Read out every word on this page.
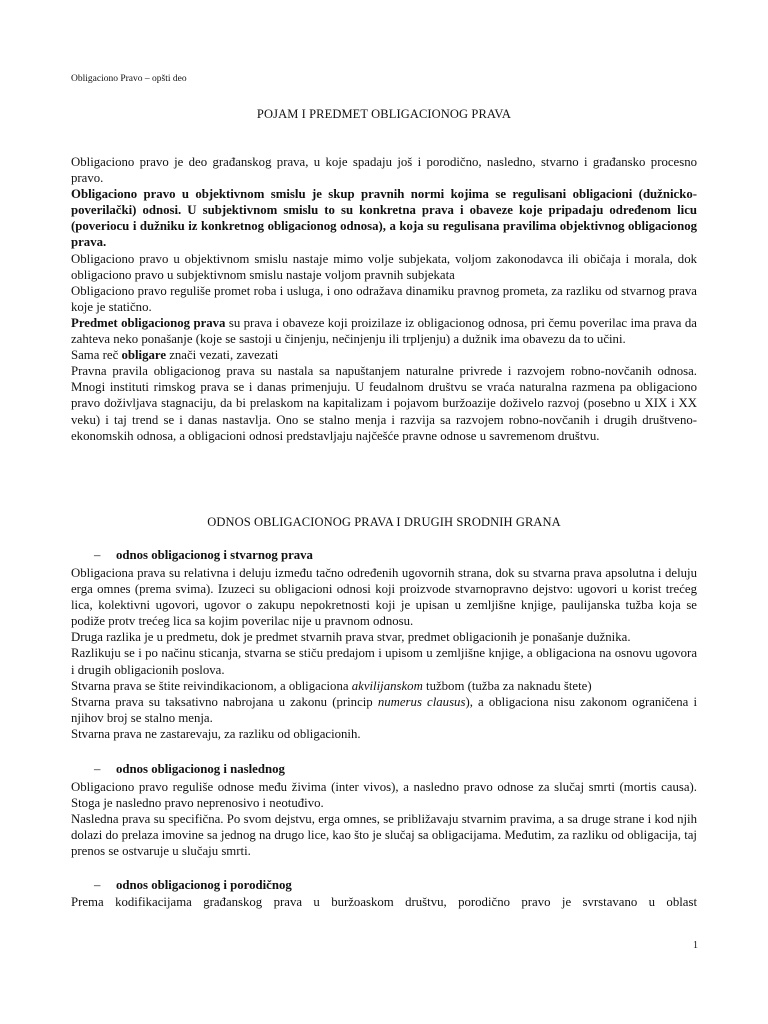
Obligaciono Pravo – opšti deo
POJAM I PREDMET OBLIGACIONOG PRAVA
Obligaciono pravo je deo građanskog prava, u koje spadaju još i porodično, nasledno, stvarno i građansko procesno pravo.
Obligaciono pravo u objektivnom smislu je skup pravnih normi kojima se regulisani obligacioni (dužnicko-poverilački) odnosi. U subjektivnom smislu to su konkretna prava i obaveze koje pripadaju određenom licu (poveriocu i dužniku iz konkretnog obligacionog odnosa), a koja su regulisana pravilima objektivnog obligacionog prava.
Obligaciono pravo u objektivnom smislu nastaje mimo volje subjekata, voljom zakonodavca ili običaja i morala, dok obligaciono pravo u subjektivnom smislu nastaje voljom pravnih subjekata
Obligaciono pravo reguliše promet roba i usluga, i ono odražava dinamiku pravnog prometa, za razliku od stvarnog prava koje je statično.
Predmet obligacionog prava su prava i obaveze koji proizilaze iz obligacionog odnosa, pri čemu poverilac ima prava da zahteva neko ponašanje (koje se sastoji u činjenju, nečinjenju ili trpljenju) a dužnik ima obavezu da to učini.
Sama reč obligare znači vezati, zavezati
Pravna pravila obligacionog prava su nastala sa napuštanjem naturalne privrede i razvojem robno-novčanih odnosa. Mnogi instituti rimskog prava se i danas primenjuju. U feudalnom društvu se vraća naturalna razmena pa obligaciono pravo doživljava stagnaciju, da bi prelaskom na kapitalizam i pojavom buržoazije doživelo razvoj (posebno u XIX i XX veku) i taj trend se i danas nastavlja. Ono se stalno menja i razvija sa razvojem robno-novčanih i drugih društveno-ekonomskih odnosa, a obligacioni odnosi predstavljaju najčešće pravne odnose u savremenom društvu.
ODNOS OBLIGACIONOG PRAVA I DRUGIH SRODNIH GRANA
– odnos obligacionog i stvarnog prava
Obligaciona prava su relativna i deluju između tačno određenih ugovornih strana, dok su stvarna prava apsolutna i deluju erga omnes (prema svima). Izuzeci su obligacioni odnosi koji proizvode stvarnopravno dejstvo: ugovori u korist trećeg lica, kolektivni ugovori, ugovor o zakupu nepokretnosti koji je upisan u zemljišne knjige, paulijanska tužba koja se podiže protv trećeg lica sa kojim poverilac nije u pravnom odnosu.
Druga razlika je u predmetu, dok je predmet stvarnih prava stvar, predmet obligacionih je ponašanje dužnika.
Razlikuju se i po načinu sticanja, stvarna se stiču predajom i upisom u zemljišne knjige, a obligaciona na osnovu ugovora i drugih obligacionih poslova.
Stvarna prava se štite reivindikacionom, a obligaciona akvilijanskom tužbom (tužba za naknadu štete)
Stvarna prava su taksativno nabrojana u zakonu (princip numerus clausus), a obligaciona nisu zakonom ograničena i njihov broj se stalno menja.
Stvarna prava ne zastarevaju, za razliku od obligacionih.
– odnos obligacionog i naslednog
Obligaciono pravo reguliše odnose među živima (inter vivos), a nasledno pravo odnose za slučaj smrti (mortis causa). Stoga je nasledno pravo neprenosivo i neotuđivo.
Nasledna prava su specifična. Po svom dejstvu, erga omnes, se približavaju stvarnim pravima, a sa druge strane i kod njih dolazi do prelaza imovine sa jednog na drugo lice, kao što je slučaj sa obligacijama. Međutim, za razliku od obligacija, taj prenos se ostvaruje u slučaju smrti.
– odnos obligacionog i porodičnog
Prema kodifikacijama građanskog prava u buržoaskom društvu, porodično pravo je svrstavano u oblast
1
